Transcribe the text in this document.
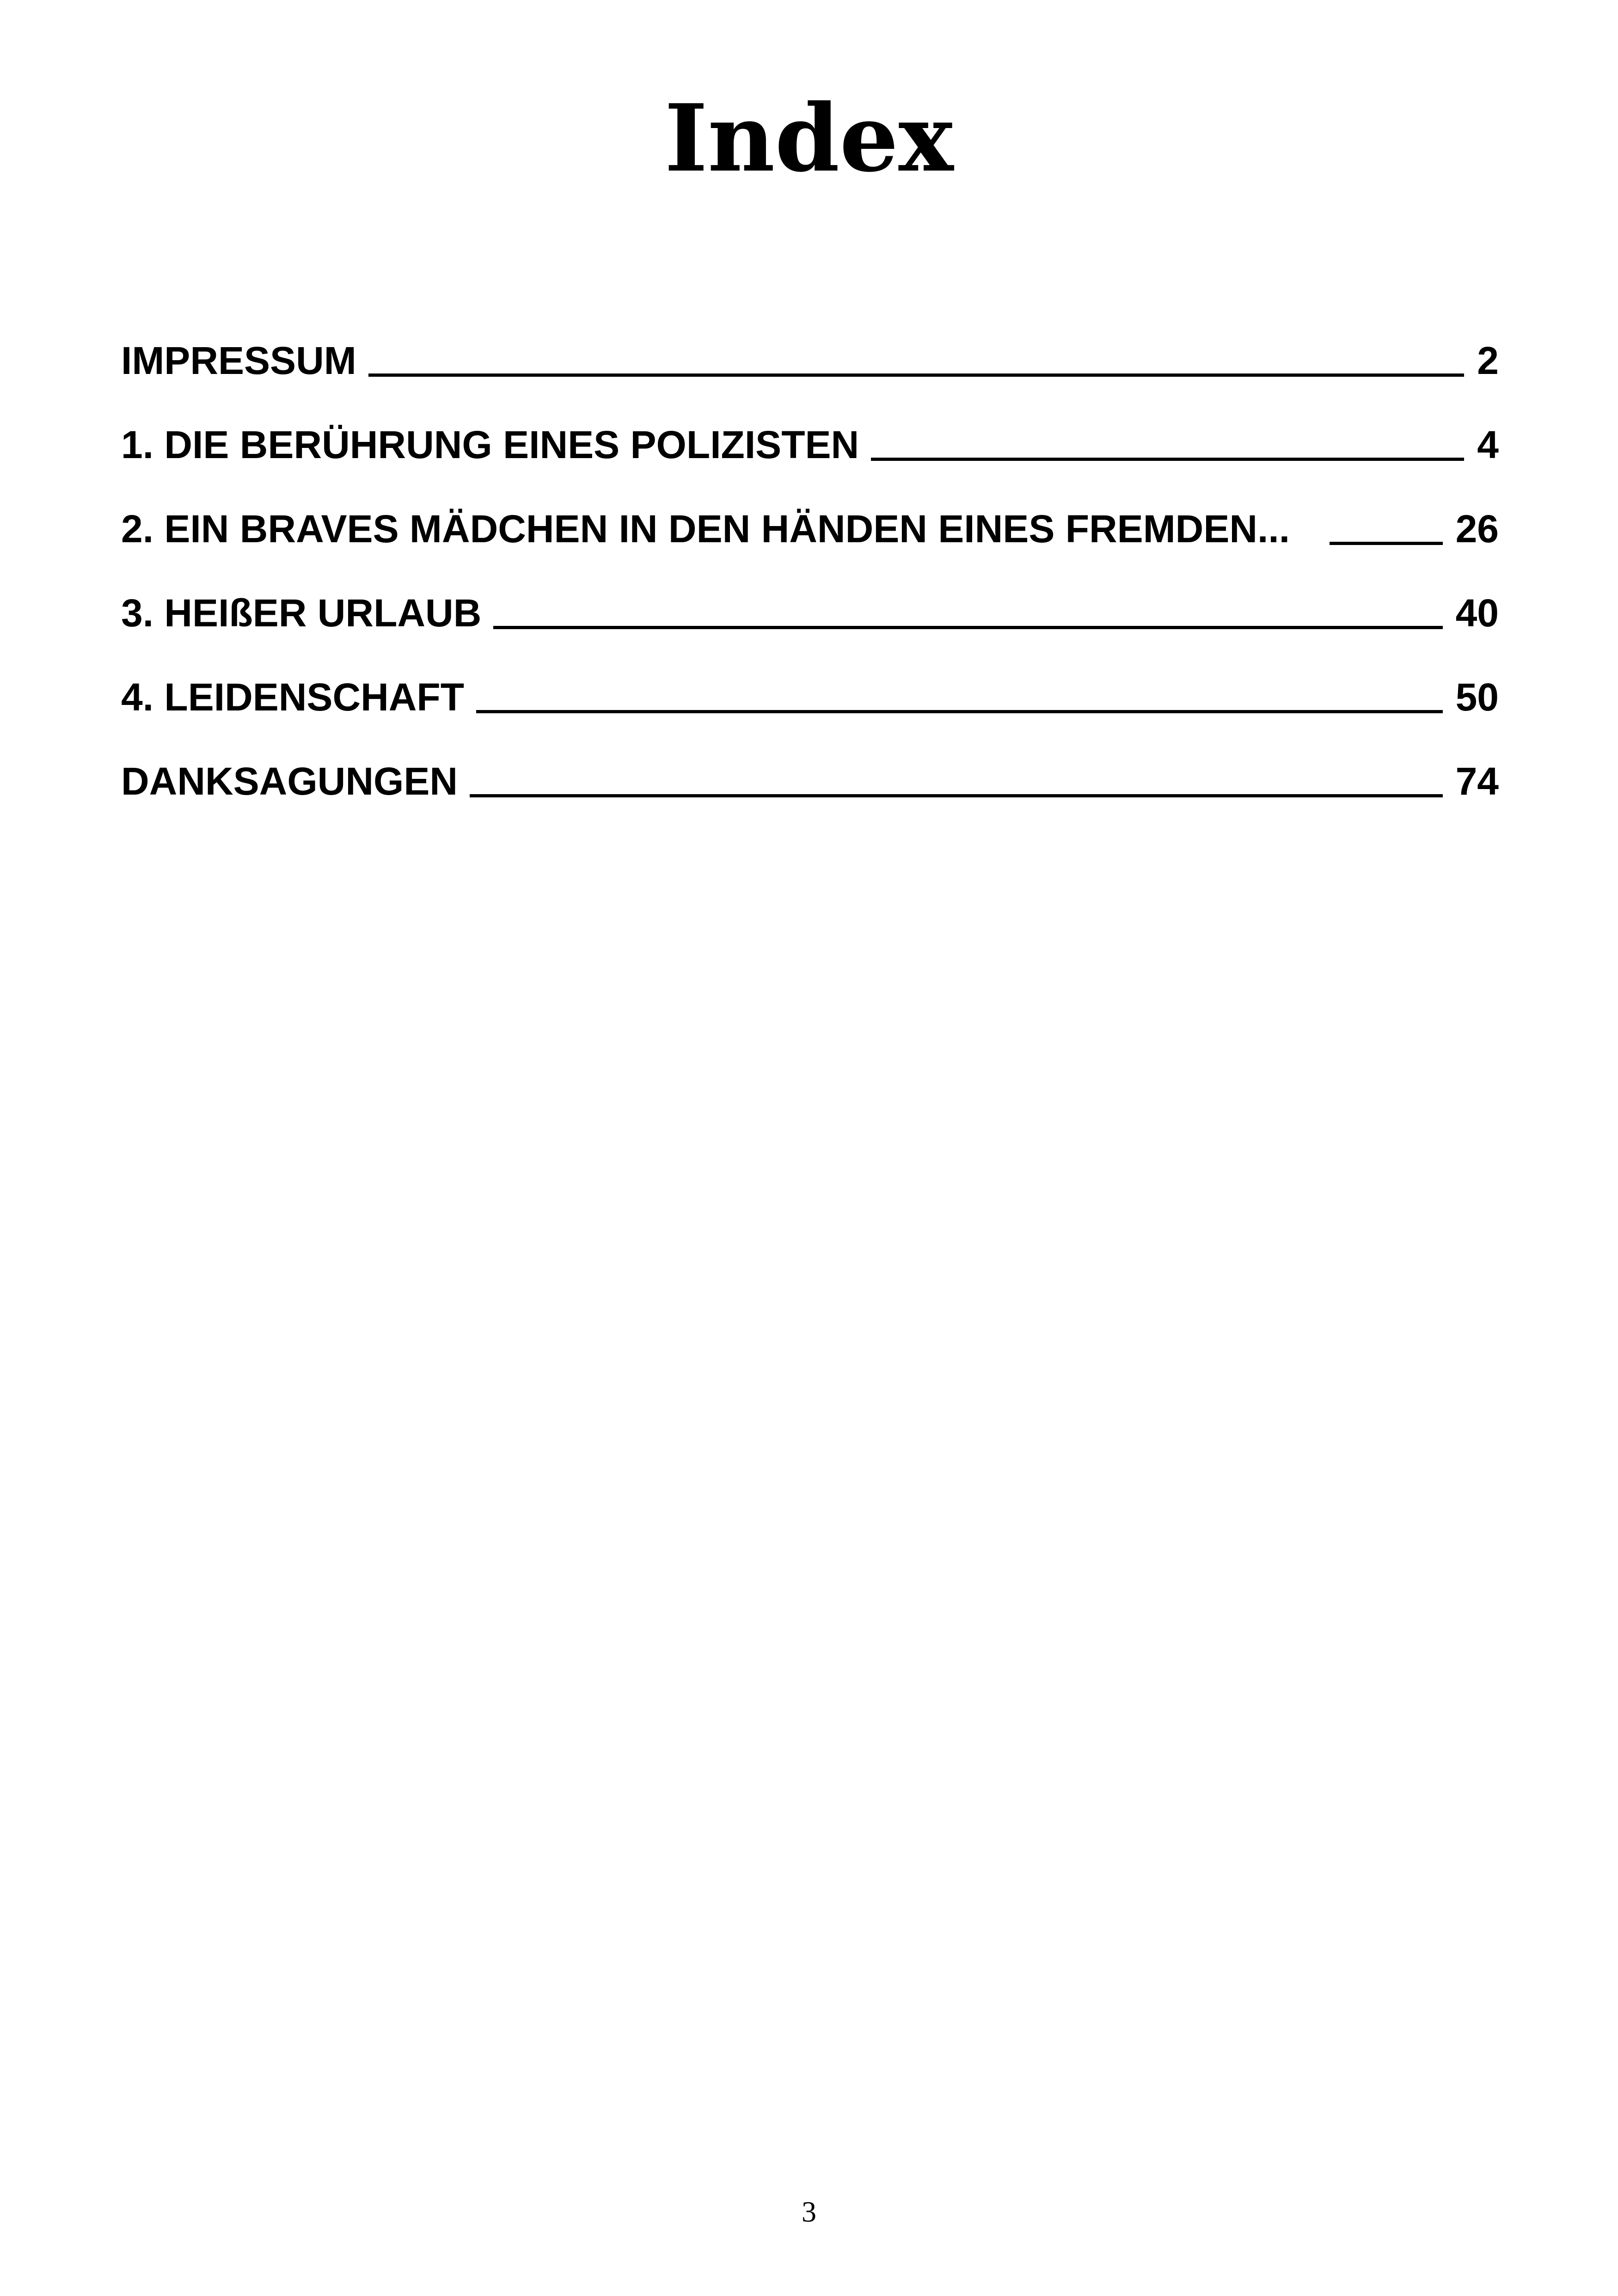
Index
IMPRESSUM	2
1. DIE BERÜHRUNG EINES POLIZISTEN	4
2. EIN BRAVES MÄDCHEN IN DEN HÄNDEN EINES FREMDEN...	26
3. HEIßER URLAUB	40
4. LEIDENSCHAFT	50
DANKSAGUNGEN	74
3
